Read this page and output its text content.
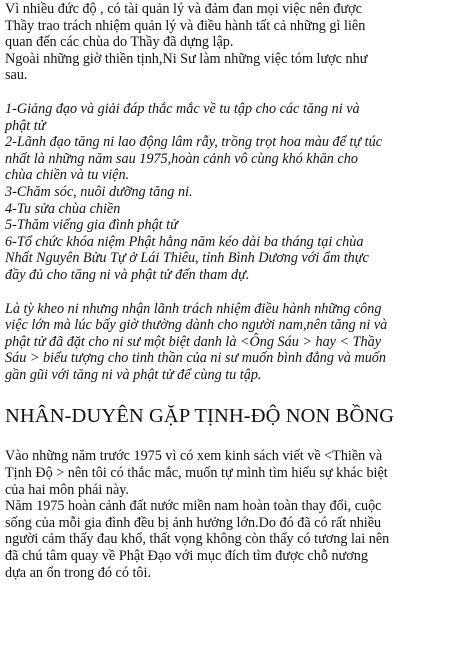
Vì nhiều đức độ , có tài quản lý và đảm đan mọi việc nên được

Thầy trao trách nhiệm quản lý và điều hành tất cả những gì liên

quan đến các chùa do Thầy đã dựng lập.

Ngoài những giờ thiền tịnh,Ni Sư làm những việc tóm lược như

sau.

1-Giảng đạo và giải đáp thắc mắc về tu tập cho các tăng ni và

phật tử

2-Lãnh đạo tăng ni lao động lâm rẫy, trồng trọt hoa màu để tự túc

nhất là những năm sau 1975,hoàn cảnh vô cùng khó khăn cho

chùa chiền và tu viện.

3-Chăm sóc, nuôi dưỡng tăng ni.

4-Tu sửa chùa chiền

5-Thăm viếng gia đình phật tử

6-Tổ chức khóa niệm Phật hằng năm kéo dài ba tháng tại chùa

Nhất Nguyên Bửu Tự ở Lái Thiêu, tỉnh Bình Dương với ẩm thực

đầy đủ cho tăng ni và phật tử đến tham dự.

Là tỳ kheo ni nhưng nhận lãnh trách nhiệm điều hành những công

việc lớn mà lúc bấy giờ thường dành cho người nam,nên tăng ni và

phật tử đã đặt cho ni sư một biệt danh là <Ông Sáu > hay < Thầy

Sáu > biểu tượng cho tinh thần của ni sư muốn bình đẳng và muốn

gần gũi với tăng ni và phật tử để cùng tu tập.

NHÂN-DUYÊN GẶP TỊNH-ĐỘ NON BỒNG

Vào những năm trước 1975 vì có xem kinh sách viết về <Thiền và

Tịnh Độ > nên tôi có thắc mắc, muốn tự mình tìm hiểu sự khác biệt

của hai môn phái này.

Năm 1975 hoàn cảnh đất nước miền nam hoàn toàn thay đổi, cuộc

sống của mỗi gia đình đều bị ảnh hưởng lớn.Do đó đã có rất nhiều

người cảm thấy đau khổ, thất vọng không còn thấy có tương lai nên

đã chú tâm quay về Phật Đạo với mục đích tìm được chỗ nương

dựa an ổn trong đó có tôi.
